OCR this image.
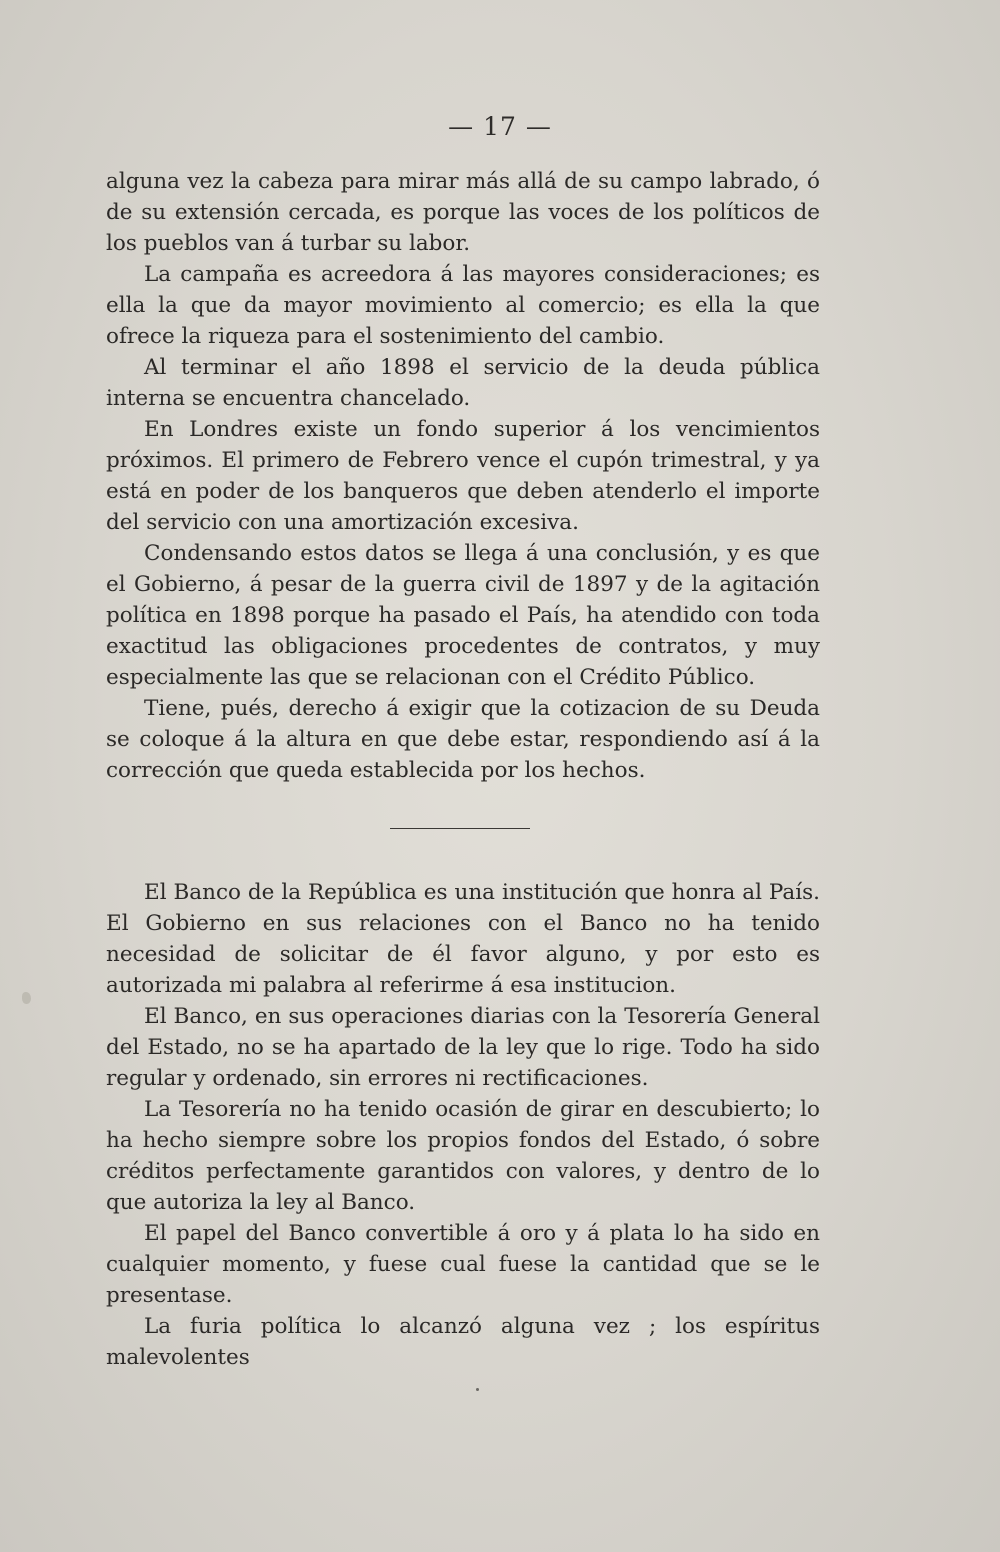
— 17 —

alguna vez la cabeza para mirar más allá de su campo labrado, ó de su extensión cercada, es porque las voces de los políticos de los pueblos van á turbar su labor.

La campaña es acreedora á las mayores consideraciones; es ella la que da mayor movimiento al comercio; es ella la que ofrece la riqueza para el sostenimiento del cambio.

Al terminar el año 1898 el servicio de la deuda pública interna se encuentra chancelado.

En Londres existe un fondo superior á los vencimientos próximos. El primero de Febrero vence el cupón trimestral, y ya está en poder de los banqueros que deben atenderlo el importe del servicio con una amortización excesiva.

Condensando estos datos se llega á una conclusión, y es que el Gobierno, á pesar de la guerra civil de 1897 y de la agitación política en 1898 porque ha pasado el País, ha atendido con toda exactitud las obligaciones procedentes de contratos, y muy especialmente las que se relacionan con el Crédito Público.

Tiene, pués, derecho á exigir que la cotizacion de su Deuda se coloque á la altura en que debe estar, respondiendo así á la corrección que queda establecida por los hechos.

El Banco de la República es una institución que honra al País. El Gobierno en sus relaciones con el Banco no ha tenido necesidad de solicitar de él favor alguno, y por esto es autorizada mi palabra al referirme á esa institucion.

El Banco, en sus operaciones diarias con la Tesorería General del Estado, no se ha apartado de la ley que lo rige. Todo ha sido regular y ordenado, sin errores ni rectificaciones.

La Tesorería no ha tenido ocasión de girar en descubierto; lo ha hecho siempre sobre los propios fondos del Estado, ó sobre créditos perfectamente garantidos con valores, y dentro de lo que autoriza la ley al Banco.

El papel del Banco convertible á oro y á plata lo ha sido en cualquier momento, y fuese cual fuese la cantidad que se le presentase.

La furia política lo alcanzó alguna vez ; los espíritus malevolentes
